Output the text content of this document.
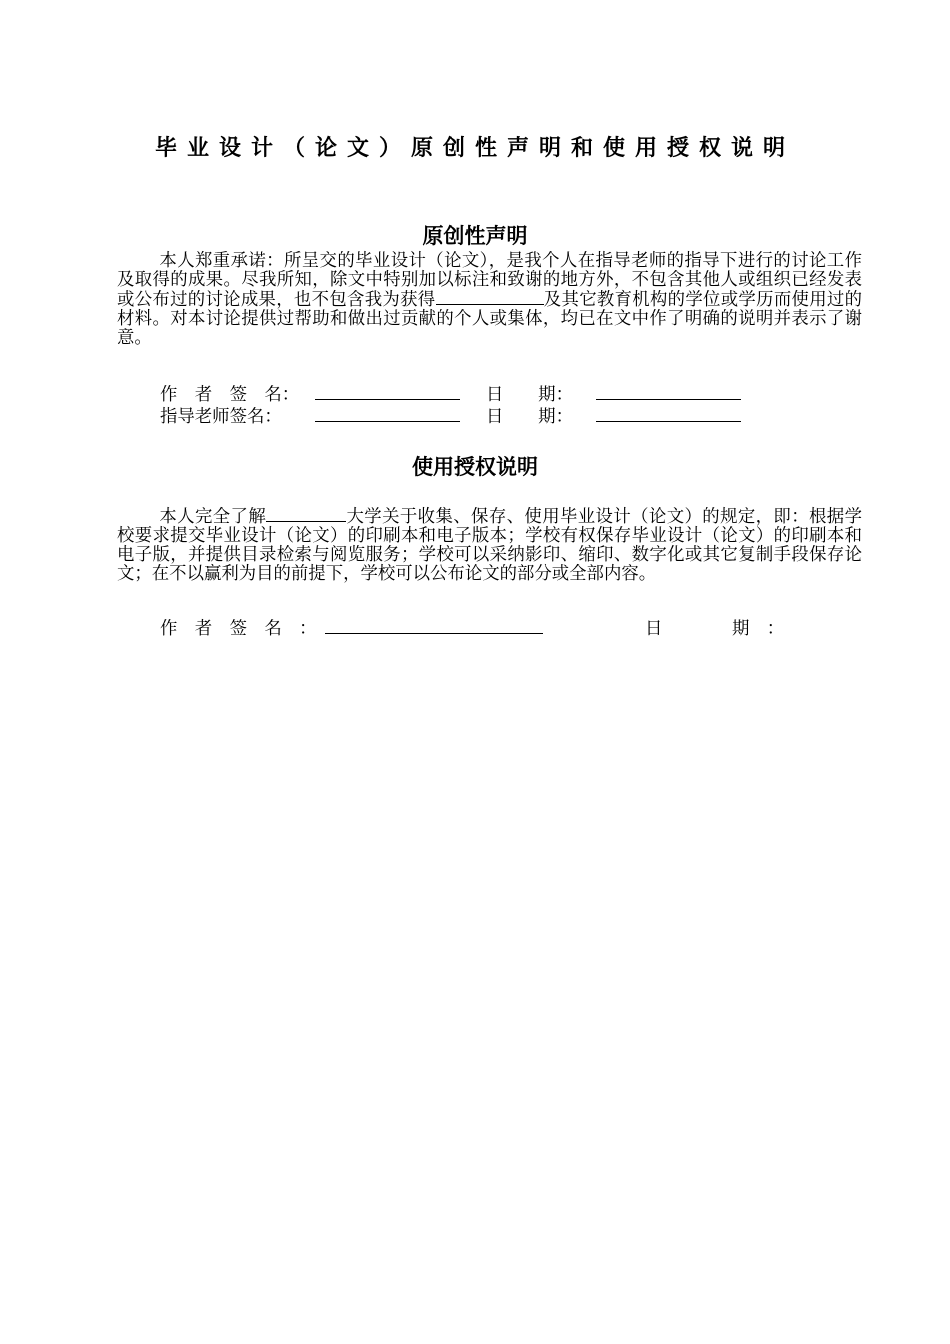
毕业设计（论文）原创性声明和使用授权说明
原创性声明

本人郑重承诺：所呈交的毕业设计（论文），是我个人在指导老师的指导下进行的讨论工作及取得的成果。尽我所知，除文中特别加以标注和致谢的地方外，不包含其他人或组织已经发表或公布过的讨论成果，也不包含我为获得	及其它教育机构的学位或学历而使用过的材料。对本讨论提供过帮助和做出过贡献的个人或集体，均已在文中作了明确的说明并表示了谢意。

作　者　签　名：	日　　期：
指导老师签名：	日　　期：
使用授权说明

本人完全了解	大学关于收集、保存、使用毕业设计（论文）的规定，即：根据学校要求提交毕业设计（论文）的印刷本和电子版本；学校有权保存毕业设计（论文）的印刷本和电子版，并提供目录检索与阅览服务；学校可以采纳影印、缩印、数字化或其它复制手段保存论文；在不以赢利为目的前提下，学校可以公布论文的部分或全部内容。

作　者　签　名　：	日　　　　期　：
